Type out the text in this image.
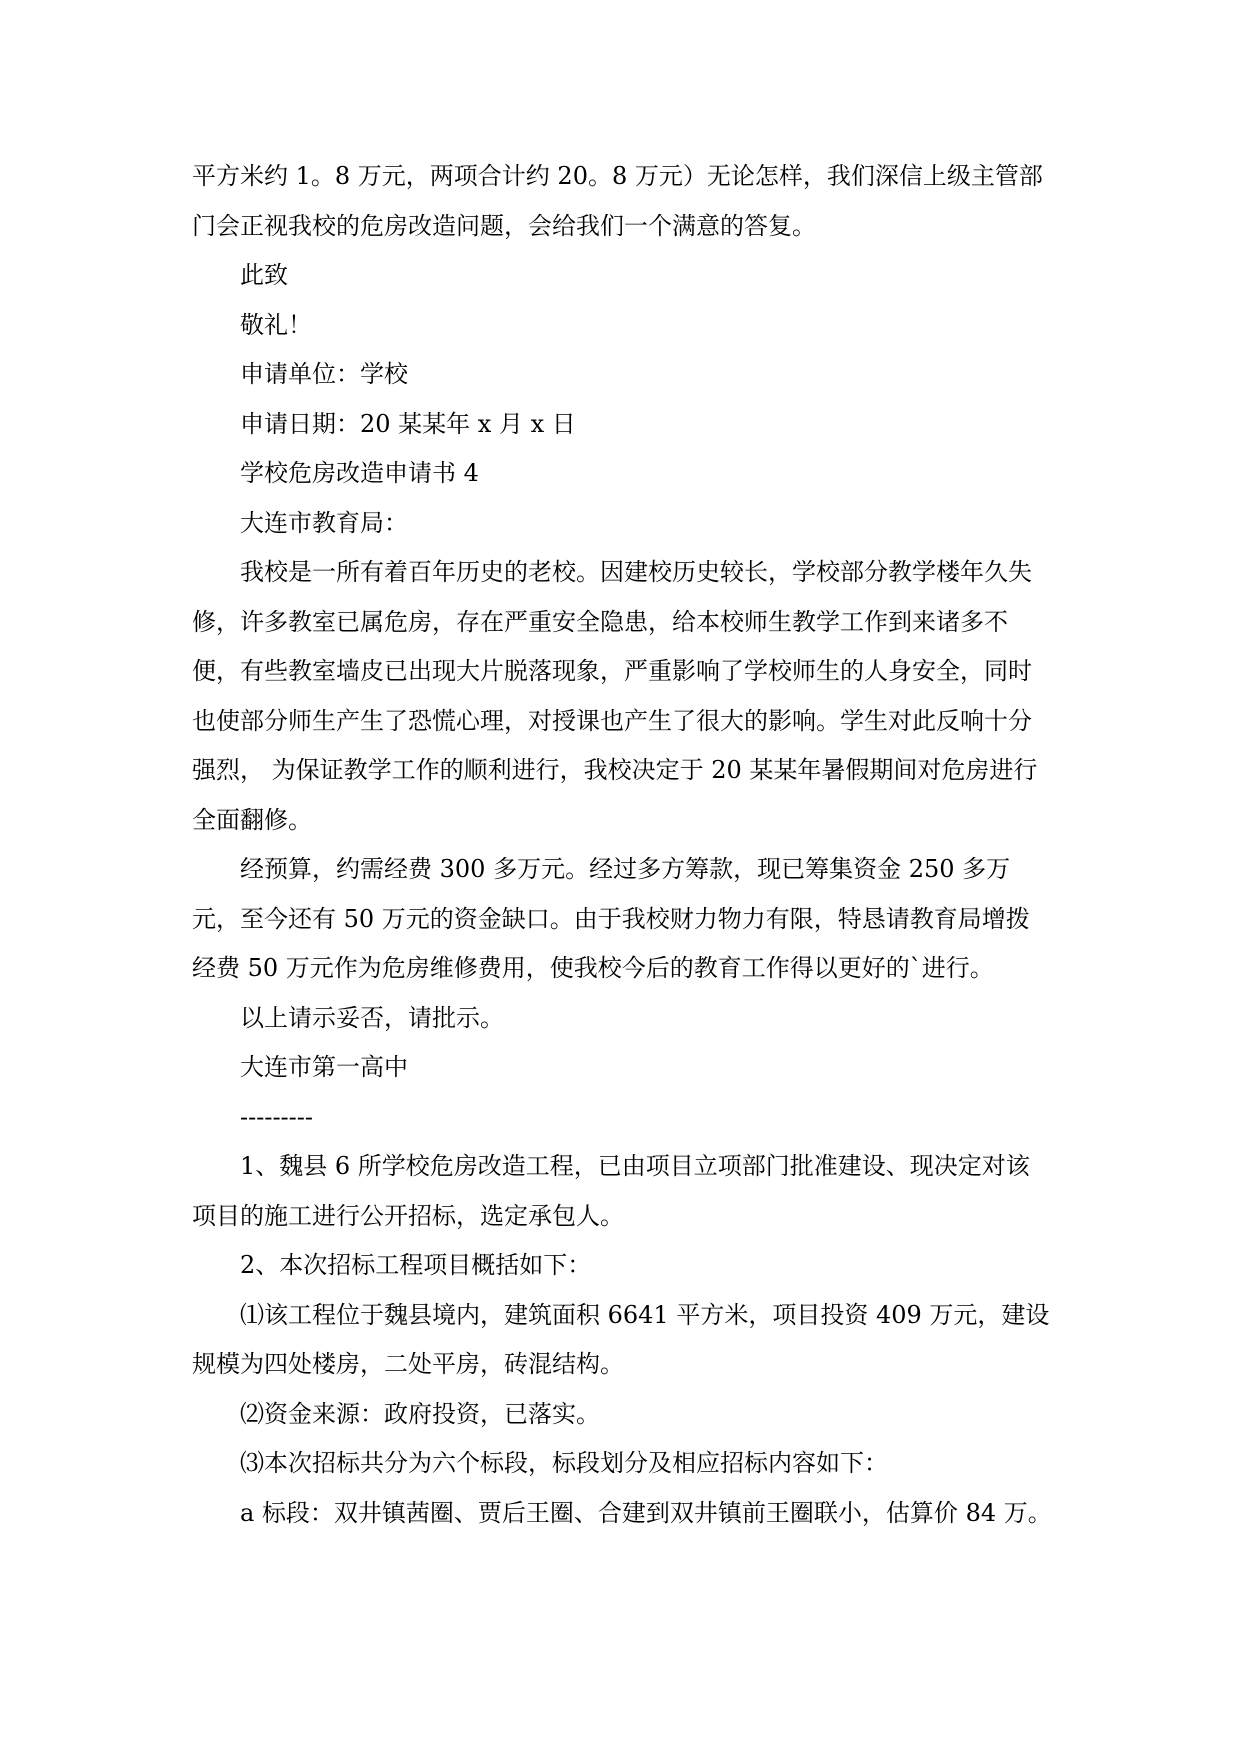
平方米约 1。8 万元，两项合计约 20。8 万元）无论怎样，我们深信上级主管部门会正视我校的危房改造问题，会给我们一个满意的答复。

此致

敬礼！

申请单位：学校

申请日期：20 某某年 x 月 x 日

学校危房改造申请书 4

大连市教育局：

我校是一所有着百年历史的老校。因建校历史较长，学校部分教学楼年久失修，许多教室已属危房，存在严重安全隐患，给本校师生教学工作到来诸多不便，有些教室墙皮已出现大片脱落现象，严重影响了学校师生的人身安全，同时也使部分师生产生了恐慌心理，对授课也产生了很大的影响。学生对此反响十分强烈， 为保证教学工作的顺利进行，我校决定于 20 某某年暑假期间对危房进行全面翻修。

经预算，约需经费 300 多万元。经过多方筹款，现已筹集资金 250 多万元，至今还有 50 万元的资金缺口。由于我校财力物力有限，特恳请教育局增拨经费 50 万元作为危房维修费用，使我校今后的教育工作得以更好的`进行。

以上请示妥否，请批示。

大连市第一高中

---------

1、魏县 6 所学校危房改造工程，已由项目立项部门批准建设、现决定对该项目的施工进行公开招标，选定承包人。

2、本次招标工程项目概括如下：

⑴该工程位于魏县境内，建筑面积 6641 平方米，项目投资 409 万元，建设规模为四处楼房，二处平房，砖混结构。

⑵资金来源：政府投资，已落实。

⑶本次招标共分为六个标段，标段划分及相应招标内容如下：

a 标段：双井镇茜圈、贾后王圈、合建到双井镇前王圈联小，估算价 84 万。
